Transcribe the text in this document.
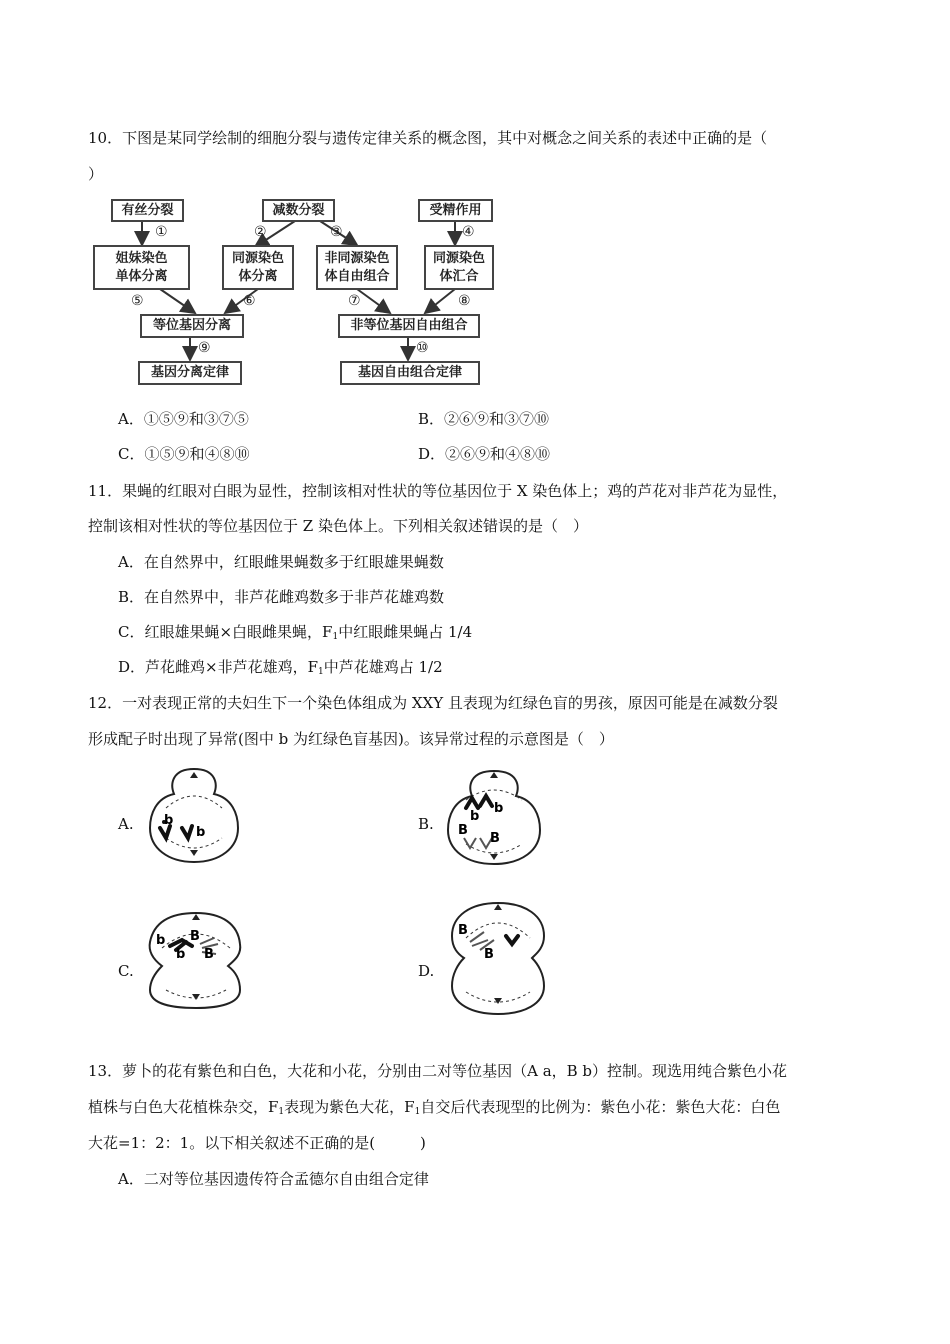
10．下图是某同学绘制的细胞分裂与遗传定律关系的概念图，其中对概念之间关系的表述中正确的是（
）
有丝分裂	减数分裂	受精作用
①	②	③	④
姐妹染色
单体分离
同源染色
体分离
非同源染色
体自由组合
同源染色
体汇合
⑤	⑥	⑦	⑧
等位基因分离	非等位基因自由组合
⑨	⑩
基因分离定律	基因自由组合定律
A．①⑤⑨和③⑦⑤	B．②⑥⑨和③⑦⑩
C．①⑤⑨和④⑧⑩	D．②⑥⑨和④⑧⑩
11．果蝇的红眼对白眼为显性，控制该相对性状的等位基因位于 X 染色体上；鸡的芦花对非芦花为显性，
控制该相对性状的等位基因位于 Z 染色体上。下列相关叙述错误的是（　）
A．在自然界中，红眼雌果蝇数多于红眼雄果蝇数
B．在自然界中，非芦花雌鸡数多于非芦花雄鸡数
C．红眼雄果蝇×白眼雌果蝇，$F_1$中红眼雌果蝇占 1/4
D．芦花雌鸡×非芦花雄鸡，$F_1$中芦花雄鸡占 1/2
12．一对表现正常的夫妇生下一个染色体组成为 XXY 且表现为红绿色盲的男孩，原因可能是在减数分裂
形成配子时出现了异常(图中 b 为红绿色盲基因)。该异常过程的示意图是（　）
A. b
b	B.
b
b
B
B
C.
b
b
B
B
D.
B
B
13．萝卜的花有紫色和白色，大花和小花，分别由二对等位基因（A a，B b）控制。现选用纯合紫色小花
植株与白色大花植株杂交，$F_1$表现为紫色大花，$F_1$自交后代表现型的比例为：紫色小花：紫色大花：白色
大花=1：2：1。以下相关叙述不正确的是(　　　)
A．二对等位基因遗传符合孟德尔自由组合定律
